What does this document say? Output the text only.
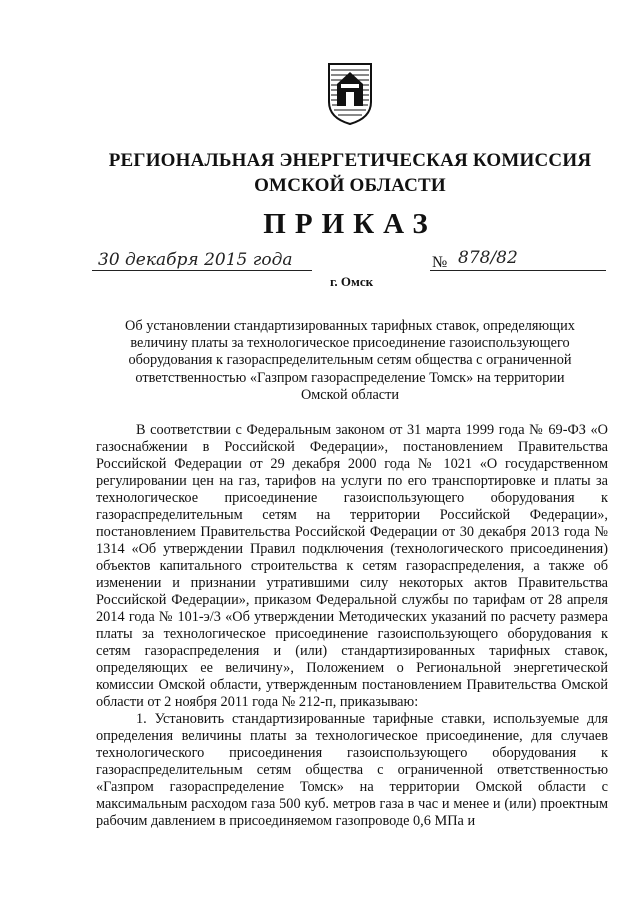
РЕГИОНАЛЬНАЯ ЭНЕРГЕТИЧЕСКАЯ КОМИССИЯ
ОМСКОЙ ОБЛАСТИ
ПРИКАЗ
30 декабря 2015 года	№ 878/82
г. Омск
Об установлении стандартизированных тарифных ставок, определяющих величину платы за технологическое присоединение газоиспользующего оборудования к газораспределительным сетям общества с ограниченной ответственностью «Газпром газораспределение Томск» на территории Омской области

В соответствии с Федеральным законом от 31 марта 1999 года № 69-ФЗ «О газоснабжении в Российской Федерации», постановлением Правительства Российской Федерации от 29 декабря 2000 года № 1021 «О государственном регулировании цен на газ, тарифов на услуги по его транспортировке и платы за технологическое присоединение газоиспользующего оборудования к газораспределительным сетям на территории Российской Федерации», постановлением Правительства Российской Федерации от 30 декабря 2013 года № 1314 «Об утверждении Правил подключения (технологического присоединения) объектов капитального строительства к сетям газораспределения, а также об изменении и признании утратившими силу некоторых актов Правительства Российской Федерации», приказом Федеральной службы по тарифам от 28 апреля 2014 года № 101-э/3 «Об утверждении Методических указаний по расчету размера платы за технологическое присоединение газоиспользующего оборудования к сетям газораспределения и (или) стандартизированных тарифных ставок, определяющих ее величину», Положением о Региональной энергетической комиссии Омской области, утвержденным постановлением Правительства Омской области от 2 ноября 2011 года № 212-п, приказываю:

1. Установить стандартизированные тарифные ставки, используемые для определения величины платы за технологическое присоединение, для случаев технологического присоединения газоиспользующего оборудования к газораспределительным сетям общества с ограниченной ответственностью «Газпром газораспределение Томск» на территории Омской области с максимальным расходом газа 500 куб. метров газа в час и менее и (или) проектным рабочим давлением в присоединяемом газопроводе 0,6 МПа и
